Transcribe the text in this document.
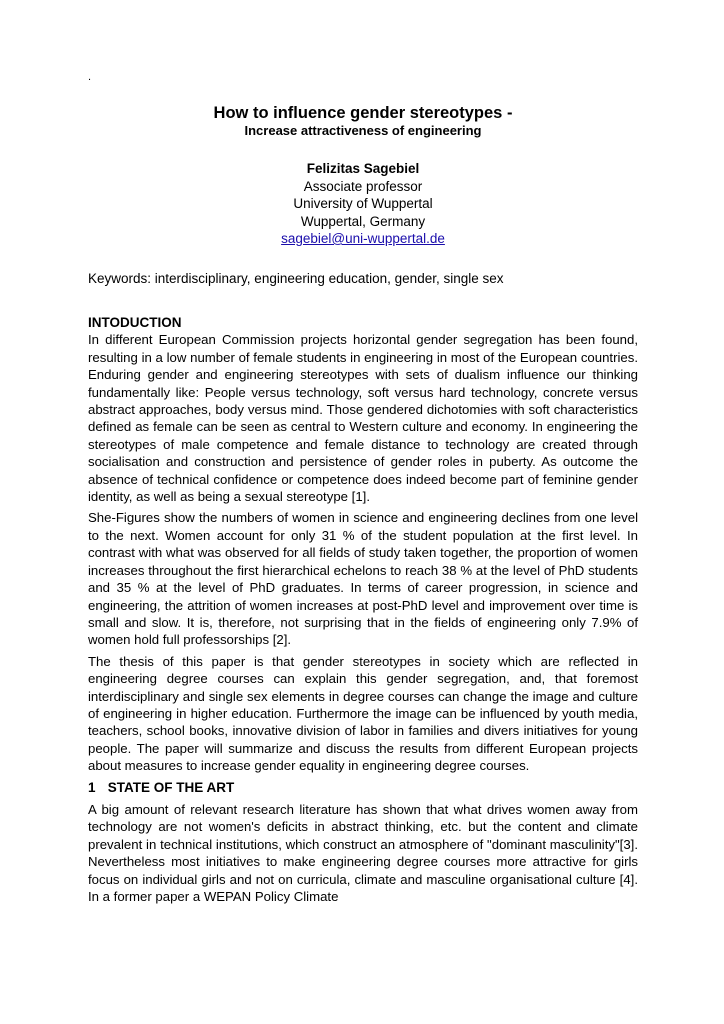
.

How to influence gender stereotypes -

Increase attractiveness of engineering

Felizitas Sagebiel
Associate professor
University of Wuppertal
Wuppertal, Germany
sagebiel@uni-wuppertal.de
Keywords: interdisciplinary, engineering education, gender, single sex
INTODUCTION

In different European Commission projects horizontal gender segregation has been found, resulting in a low number of female students in engineering in most of the European countries. Enduring gender and engineering stereotypes with sets of dualism influence our thinking fundamentally like: People versus technology, soft versus hard technology, concrete versus abstract approaches, body versus mind. Those gendered dichotomies with soft characteristics defined as female can be seen as central to Western culture and economy. In engineering the stereotypes of male competence and female distance to technology are created through socialisation and construction and persistence of gender roles in puberty. As outcome the absence of technical confidence or competence does indeed become part of feminine gender identity, as well as being a sexual stereotype [1].

She-Figures show the numbers of women in science and engineering declines from one level to the next. Women account for only 31 % of the student population at the first level. In contrast with what was observed for all fields of study taken together, the proportion of women increases throughout the first hierarchical echelons to reach 38 % at the level of PhD students and 35 % at the level of PhD graduates. In terms of career progression, in science and engineering, the attrition of women increases at post-PhD level and improvement over time is small and slow. It is, therefore, not surprising that in the fields of engineering only 7.9% of women hold full professorships [2].

The thesis of this paper is that gender stereotypes in society which are reflected in engineering degree courses can explain this gender segregation, and, that foremost interdisciplinary and single sex elements in degree courses can change the image and culture of engineering in higher education. Furthermore the image can be influenced by youth media, teachers, school books, innovative division of labor in families and divers initiatives for young people. The paper will summarize and discuss the results from different European projects about measures to increase gender equality in engineering degree courses.

1 STATE OF THE ART

A big amount of relevant research literature has shown that what drives women away from technology are not women's deficits in abstract thinking, etc. but the content and climate prevalent in technical institutions, which construct an atmosphere of "dominant masculinity"[3]. Nevertheless most initiatives to make engineering degree courses more attractive for girls focus on individual girls and not on curricula, climate and masculine organisational culture [4]. In a former paper a WEPAN Policy Climate
